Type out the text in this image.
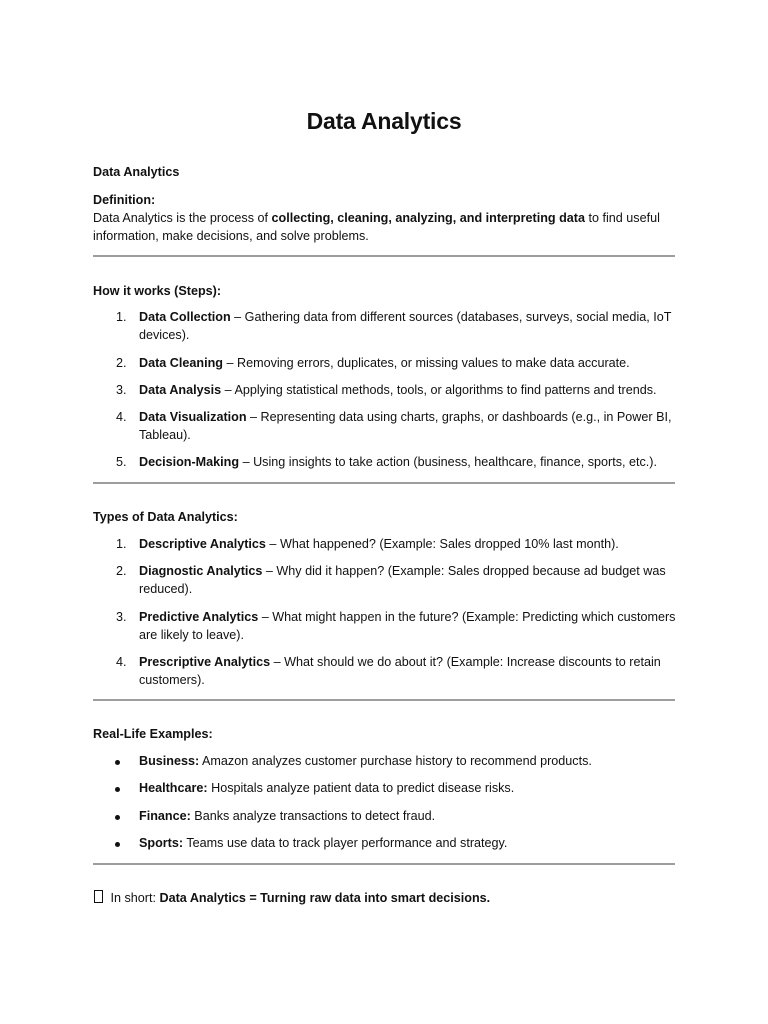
Data Analytics
Data Analytics
Definition:
Data Analytics is the process of collecting, cleaning, analyzing, and interpreting data to find useful information, make decisions, and solve problems.
How it works (Steps):
1. Data Collection – Gathering data from different sources (databases, surveys, social media, IoT devices).
2. Data Cleaning – Removing errors, duplicates, or missing values to make data accurate.
3. Data Analysis – Applying statistical methods, tools, or algorithms to find patterns and trends.
4. Data Visualization – Representing data using charts, graphs, or dashboards (e.g., in Power BI, Tableau).
5. Decision-Making – Using insights to take action (business, healthcare, finance, sports, etc.).
Types of Data Analytics:
1. Descriptive Analytics – What happened? (Example: Sales dropped 10% last month).
2. Diagnostic Analytics – Why did it happen? (Example: Sales dropped because ad budget was reduced).
3. Predictive Analytics – What might happen in the future? (Example: Predicting which customers are likely to leave).
4. Prescriptive Analytics – What should we do about it? (Example: Increase discounts to retain customers).
Real-Life Examples:
Business: Amazon analyzes customer purchase history to recommend products.
Healthcare: Hospitals analyze patient data to predict disease risks.
Finance: Banks analyze transactions to detect fraud.
Sports: Teams use data to track player performance and strategy.
In short: Data Analytics = Turning raw data into smart decisions.
